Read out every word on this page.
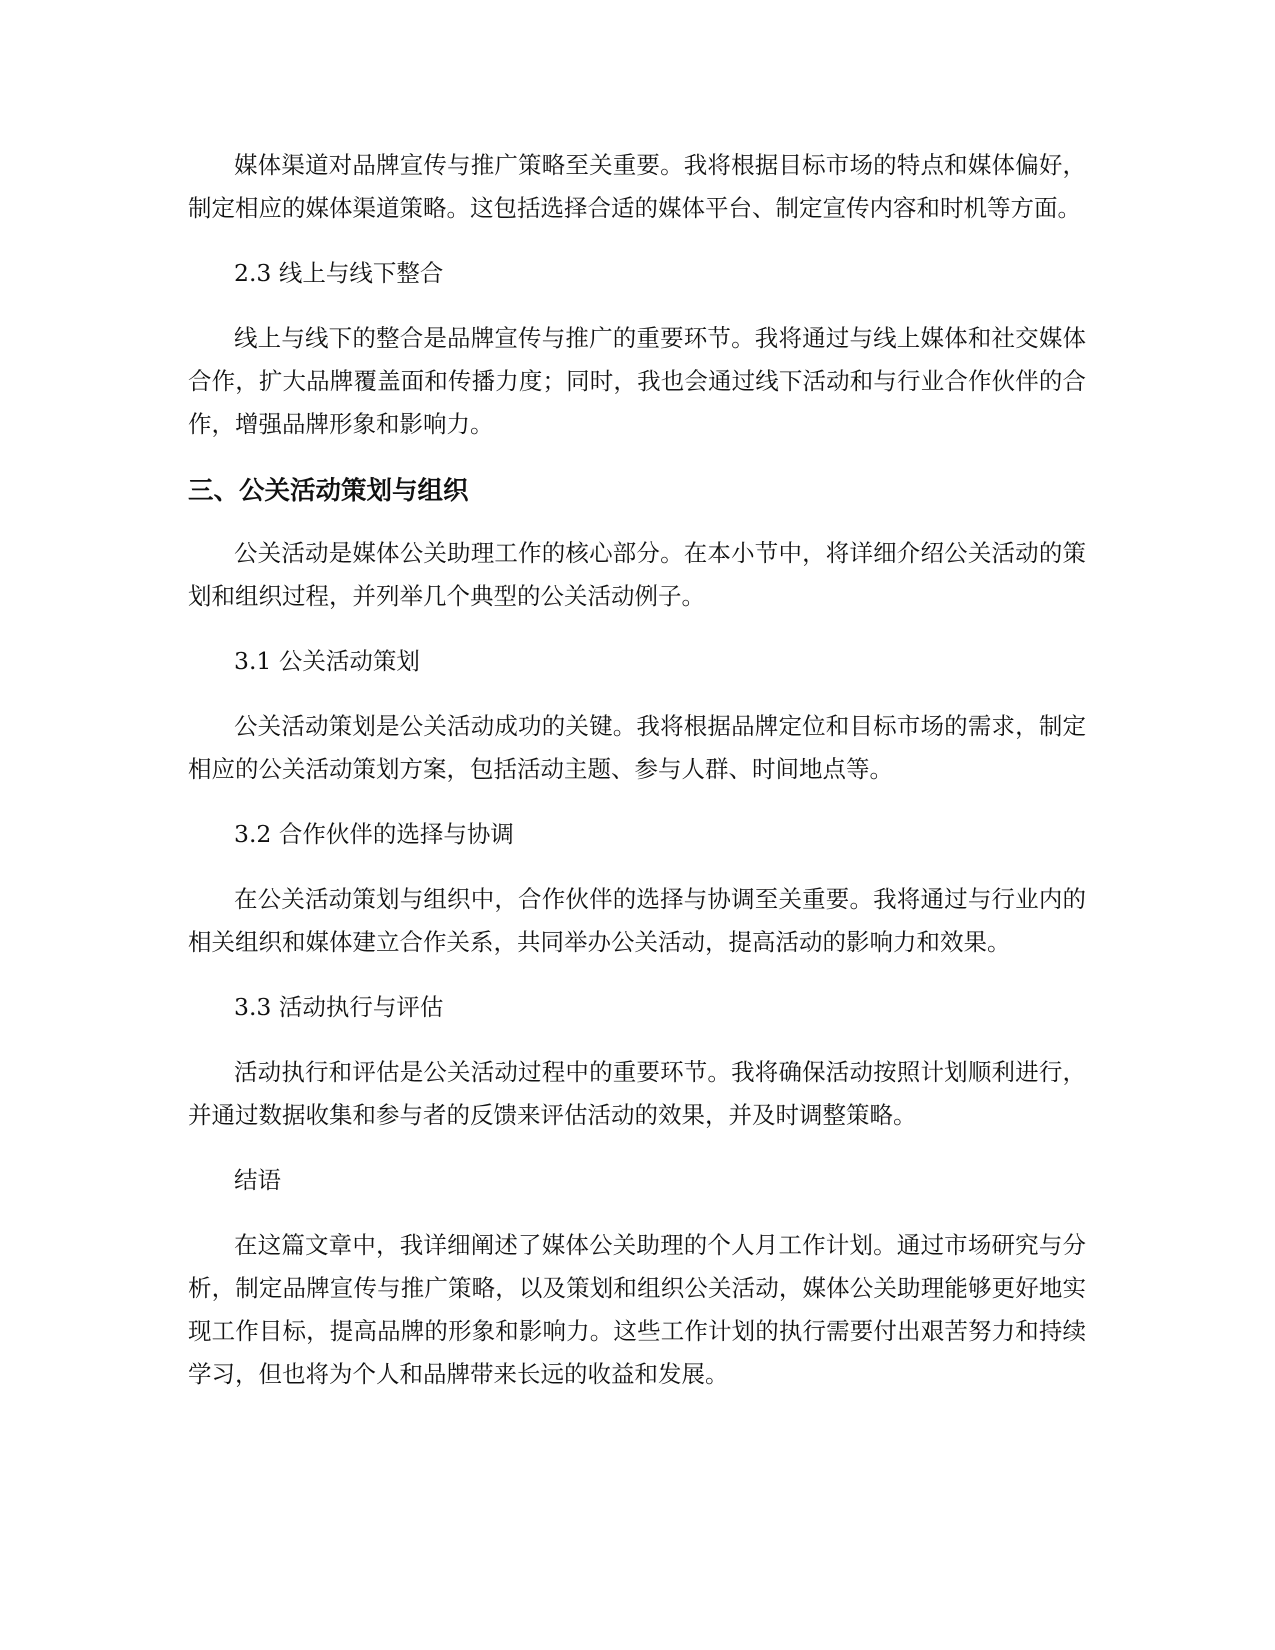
媒体渠道对品牌宣传与推广策略至关重要。我将根据目标市场的特点和媒体偏好，制定相应的媒体渠道策略。这包括选择合适的媒体平台、制定宣传内容和时机等方面。

2.3 线上与线下整合

线上与线下的整合是品牌宣传与推广的重要环节。我将通过与线上媒体和社交媒体合作，扩大品牌覆盖面和传播力度；同时，我也会通过线下活动和与行业合作伙伴的合作，增强品牌形象和影响力。

三、公关活动策划与组织

公关活动是媒体公关助理工作的核心部分。在本小节中，将详细介绍公关活动的策划和组织过程，并列举几个典型的公关活动例子。

3.1 公关活动策划

公关活动策划是公关活动成功的关键。我将根据品牌定位和目标市场的需求，制定相应的公关活动策划方案，包括活动主题、参与人群、时间地点等。

3.2 合作伙伴的选择与协调

在公关活动策划与组织中，合作伙伴的选择与协调至关重要。我将通过与行业内的相关组织和媒体建立合作关系，共同举办公关活动，提高活动的影响力和效果。

3.3 活动执行与评估

活动执行和评估是公关活动过程中的重要环节。我将确保活动按照计划顺利进行，并通过数据收集和参与者的反馈来评估活动的效果，并及时调整策略。

结语

在这篇文章中，我详细阐述了媒体公关助理的个人月工作计划。通过市场研究与分析，制定品牌宣传与推广策略，以及策划和组织公关活动，媒体公关助理能够更好地实现工作目标，提高品牌的形象和影响力。这些工作计划的执行需要付出艰苦努力和持续学习，但也将为个人和品牌带来长远的收益和发展。
